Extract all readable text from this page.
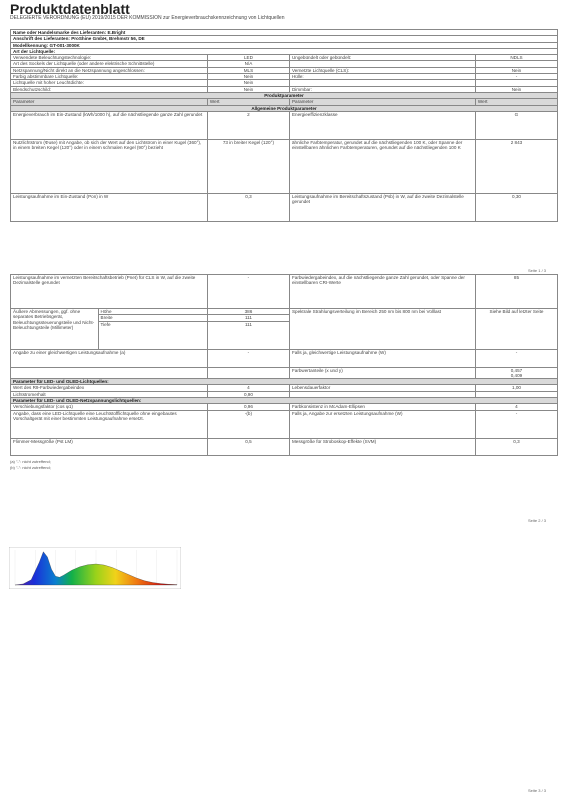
Produktdatenblatt
DELEGIERTE VERORDNUNG (EU) 2019/2015 DER KOMMISSION zur Energieverbrauchskennzeichnung von Lichtquellen
Name oder Handelsmarke des Lieferanten: E.Bright			
Anschrift des Lieferanten: ProShine GmbH, Brehmstr 56, DE			
Modellkennung: GT-001-3000K			
Art der Lichtquelle:			
Verwendete Beleuchtungstechnologie:	LED	Ungebündelt oder gebündelt:	NDLS
Art des Sockels der Lichtquelle (oder andere elektrische Schnittstelle)	N/A		
Netzspannung/Nicht direkt an die Netzspannung angeschlossen:	MLS	Vernetzte Lichtquelle (CLS):	Nein
Farbig abstimmbare Lichtquelle:	Nein	Hülle:	-
Lichtquelle mit hoher Leuchtdichte:	Nein		
Blendschutzschild:	Nein	Dimmbar:	Nein
Produktparameter			
Parameter	Wert	Parameter	Wert
Allgemeine Produktparameter			
Energieverbrauch im Ein-Zustand (kWh/1000 h), auf die nächstliegende ganze Zahl gerundet	2	Energieeffizienzklasse	G
Nutzlichtstrom (Φuse) mit Angabe, ob sich der Wert auf den Lichtstrom in einer Kugel (360°), in einem breiten Kegel (120°) oder in einem schmalen Kegel (90°) bezieht	73 in breiter Kegel (120°)	ähnliche Farbtemperatur, gerundet auf die nächstliegenden 100 K, oder Spanne der einstellbaren ähnlichen Farbtemperaturen, gerundet auf die nächstliegenden 100 K	2 843
Leistungsaufnahme im Ein-Zustand (Pon) in W	0,3	Leistungsaufnahme im Bereitschaftszustand (Psb) in W, auf die zweite Dezimalstelle gerundet	0,30
Seite 1 / 3
Leistungsaufnahme im vernetzten Bereitschaftsbetrieb (Pnet) für CLS in W, auf die zweite Dezimalstelle gerundet		-	Farbwiedergabeindex, auf die nächstliegende ganze Zahl gerundet, oder Spanne der einstellbaren CRI-Werte	85
Äußere Abmessungen, ggf. ohne separates Betriebsgerät, Beleuchtungssteuerungsteile und Nicht-Beleuchtungsteile (Millimeter)	Höhe	386	Spektrale Strahlungsverteilung im Bereich 250 nm bis 800 nm bei Volllast	Siehe Bild auf letzter Seite
	Breite	111		
	Tiefe	111		
Angabe zu einer gleichwertigen Leistungsaufnahme (a)		-	Falls ja, gleichwertige Leistungsaufnahme (W)	-
			Farbwertanteile (x und y)	0,457
0,409
Parameter für LED- und OLED-Lichtquellen:				
Wert des R9-Farbwiedergabeindex		4	Lebensdauerfaktor	1,00
Lichtstromerhalt		0,90		
Parameter für LED- und OLED-Netzspannungslichtquellen:				
Verschiebungsfaktor (cos φ1)		0,96	Farbkonsistenz in McAdam-Ellipsen	4
Angabe, dass eine LED-Lichtquelle eine Leuchtstofflichtquelle ohne eingebautes Vorschaltgerät mit einer bestimmten Leistungsaufnahme ersetzt.		-(b)	Falls ja, Angabe zur ersetzten Leistungsaufnahme (W)	-
Flimmer-Messgröße (Pst LM)		0,5	Messgröße für Stroboskop-Effekte (SVM)	0,3
(a) "-": nicht zutreffend;
(b) "-": nicht zutreffend;
Seite 2 / 3
Seite 3 / 3
